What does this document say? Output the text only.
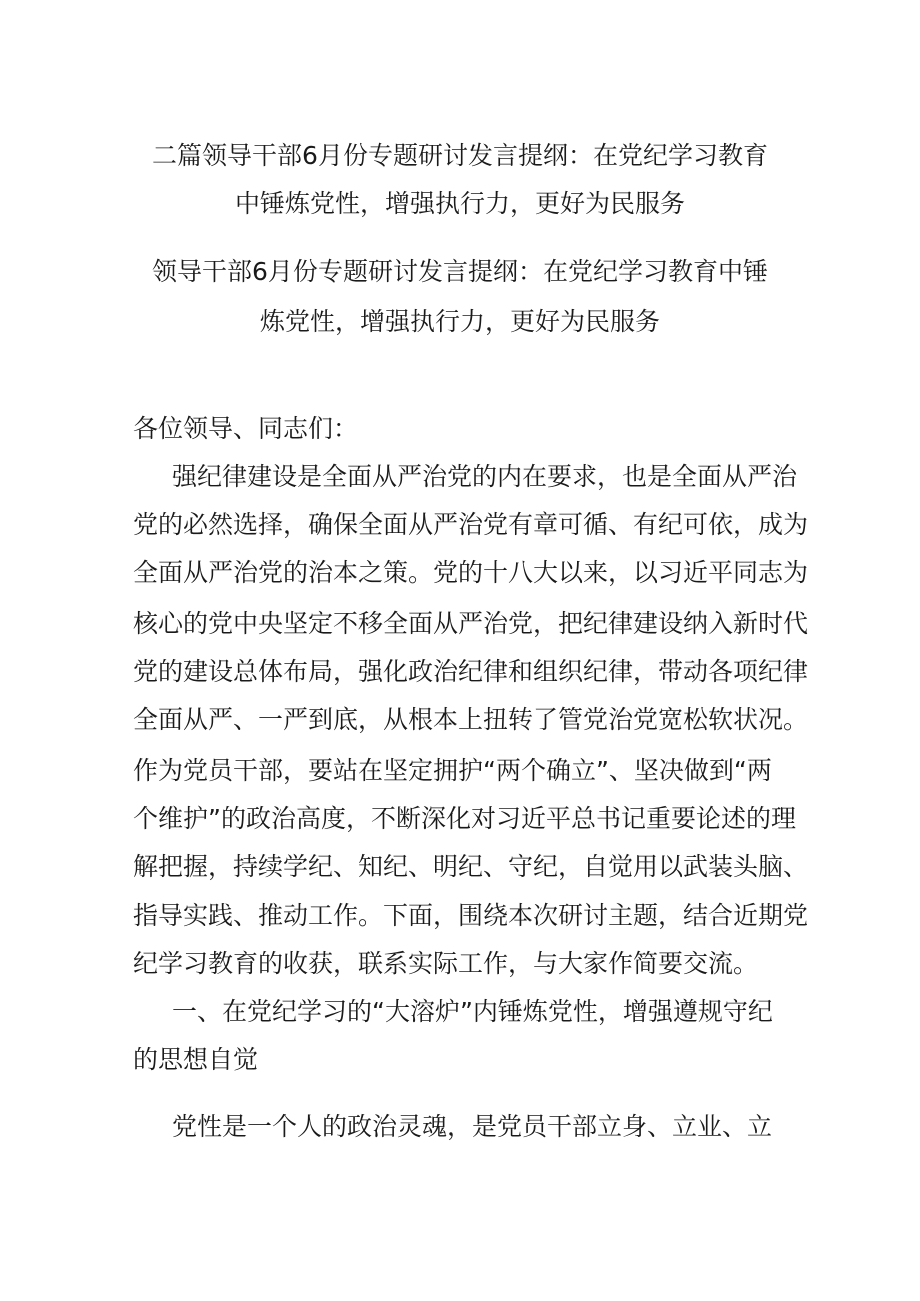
二篇领导干部6月份专题研讨发言提纲：在党纪学习教育
中锤炼党性，增强执行力，更好为民服务
领导干部6月份专题研讨发言提纲：在党纪学习教育中锤
炼党性，增强执行力，更好为民服务
各位领导、同志们：
强纪律建设是全面从严治党的内在要求，也是全面从严治
党的必然选择，确保全面从严治党有章可循、有纪可依，成为
全面从严治党的治本之策。党的十八大以来，以习近平同志为
核心的党中央坚定不移全面从严治党，把纪律建设纳入新时代
党的建设总体布局，强化政治纪律和组织纪律，带动各项纪律
全面从严、一严到底，从根本上扭转了管党治党宽松软状况。
作为党员干部，要站在坚定拥护“两个确立”、坚决做到“两
个维护”的政治高度，不断深化对习近平总书记重要论述的理
解把握，持续学纪、知纪、明纪、守纪，自觉用以武装头脑、
指导实践、推动工作。下面，围绕本次研讨主题，结合近期党
纪学习教育的收获，联系实际工作，与大家作简要交流。
一、在党纪学习的“大溶炉”内锤炼党性，增强遵规守纪
的思想自觉
党性是一个人的政治灵魂，是党员干部立身、立业、立
